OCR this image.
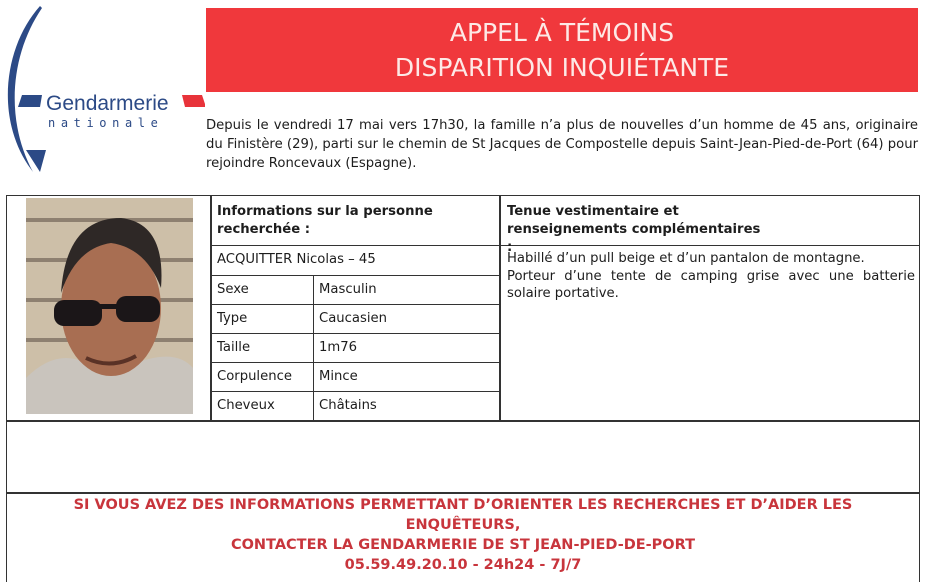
Gendarmerie
nationale
APPEL À TÉMOINS
DISPARITION INQUIÉTANTE
Depuis le vendredi 17 mai vers 17h30, la famille n’a plus de nouvelles d’un homme de 45 ans, originaire du Finistère (29), parti sur le chemin de St Jacques de Compostelle depuis Saint-Jean-Pied-de-Port (64) pour rejoindre Roncevaux (Espagne).
Informations sur la personne recherchée :
ACQUITTER Nicolas – 45
Sexe	Masculin
Type	Caucasien
Taille	1m76
Corpulence Mince
Cheveux	Châtains
Tenue vestimentaire et renseignements complémentaires :
Habillé d’un pull beige et d’un pantalon de montagne.
Porteur d’une tente de camping grise avec une batterie solaire portative.
SI VOUS AVEZ DES INFORMATIONS PERMETTANT D’ORIENTER LES RECHERCHES ET D’AIDER LES ENQUÊTEURS,
CONTACTER LA GENDARMERIE DE ST JEAN-PIED-DE-PORT
05.59.49.20.10 - 24h24 - 7J/7
